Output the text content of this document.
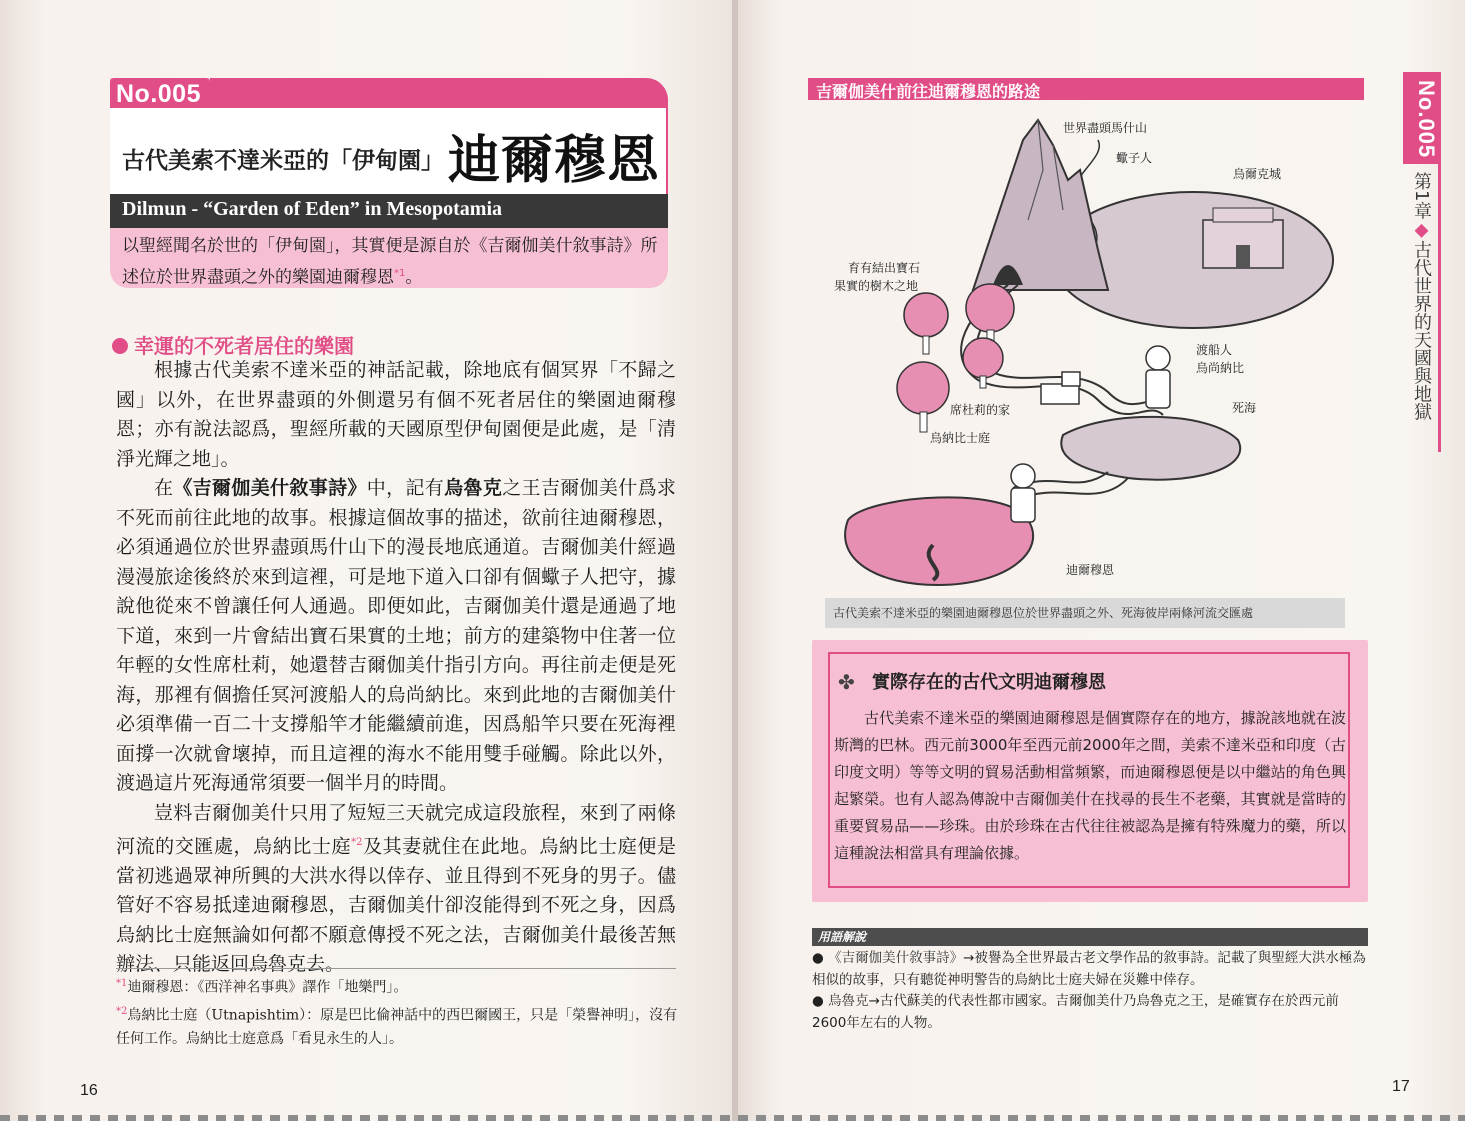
No.005
古代美索不達米亞的「伊甸園」 迪爾穆恩
Dilmun - “Garden of Eden” in Mesopotamia
以聖經聞名於世的「伊甸園」，其實便是源自於《吉爾伽美什敘事詩》所述位於世界盡頭之外的樂園迪爾穆恩$^{*1}$。
幸運的不死者居住的樂園

根據古代美索不達米亞的神話記載，除地底有個冥界「不歸之國」以外，在世界盡頭的外側還另有個不死者居住的樂園迪爾穆恩；亦有說法認爲，聖經所載的天國原型伊甸園便是此處，是「清淨光輝之地」。

在《吉爾伽美什敘事詩》中，記有烏魯克之王吉爾伽美什爲求不死而前往此地的故事。根據這個故事的描述，欲前往迪爾穆恩，必須通過位於世界盡頭馬什山下的漫長地底通道。吉爾伽美什經過漫漫旅途後終於來到這裡，可是地下道入口卻有個蠍子人把守，據說他從來不曾讓任何人通過。即便如此，吉爾伽美什還是通過了地下道，來到一片會結出寶石果實的土地；前方的建築物中住著一位年輕的女性席杜莉，她還替吉爾伽美什指引方向。再往前走便是死海，那裡有個擔任冥河渡船人的烏尚納比。來到此地的吉爾伽美什必須準備一百二十支撐船竿才能繼續前進，因爲船竿只要在死海裡面撐一次就會壞掉，而且這裡的海水不能用雙手碰觸。除此以外，渡過這片死海通常須要一個半月的時間。

豈料吉爾伽美什只用了短短三天就完成這段旅程，來到了兩條河流的交匯處，烏納比士庭$^{*2}$及其妻就住在此地。烏納比士庭便是當初逃過眾神所興的大洪水得以倖存、並且得到不死身的男子。儘管好不容易抵達迪爾穆恩，吉爾伽美什卻沒能得到不死之身，因爲烏納比士庭無論如何都不願意傳授不死之法，吉爾伽美什最後苦無辦法、只能返回烏魯克去。

$^{*1}$迪爾穆恩：《西洋神名事典》譯作「地樂門」。
$^{*2}$烏納比士庭（Utnapishtim）：原是巴比倫神話中的西巴爾國王，只是「榮譽神明」，沒有任何工作。烏納比士庭意爲「看見永生的人」。
16
吉爾伽美什前往迪爾穆恩的路途
世界盡頭馬什山
蠍子人
烏爾克城
育有結出寶石
果實的樹木之地
渡船人
烏尚納比
席杜莉的家	死海
烏納比士庭
迪爾穆恩
古代美索不達米亞的樂園迪爾穆恩位於世界盡頭之外、死海彼岸兩條河流交匯處
✤ 實際存在的古代文明迪爾穆恩

古代美索不達米亞的樂園迪爾穆恩是個實際存在的地方，據說該地就在波斯灣的巴林。西元前3000年至西元前2000年之間，美索不達米亞和印度（古印度文明）等等文明的貿易活動相當頻繁，而迪爾穆恩便是以中繼站的角色興起繁榮。也有人認為傳說中吉爾伽美什在找尋的長生不老藥，其實就是當時的重要貿易品——珍珠。由於珍珠在古代往往被認為是擁有特殊魔力的藥，所以這種說法相當具有理論依據。

用語解說

● 《吉爾伽美什敘事詩》→被譽為全世界最古老文學作品的敘事詩。記載了與聖經大洪水極為相似的故事，只有聽從神明警告的烏納比士庭夫婦在災難中倖存。

● 烏魯克→古代蘇美的代表性都市國家。吉爾伽美什乃烏魯克之王，是確實存在於西元前2600年左右的人物。

No.005
第1章◆古代世界的天國與地獄
17
